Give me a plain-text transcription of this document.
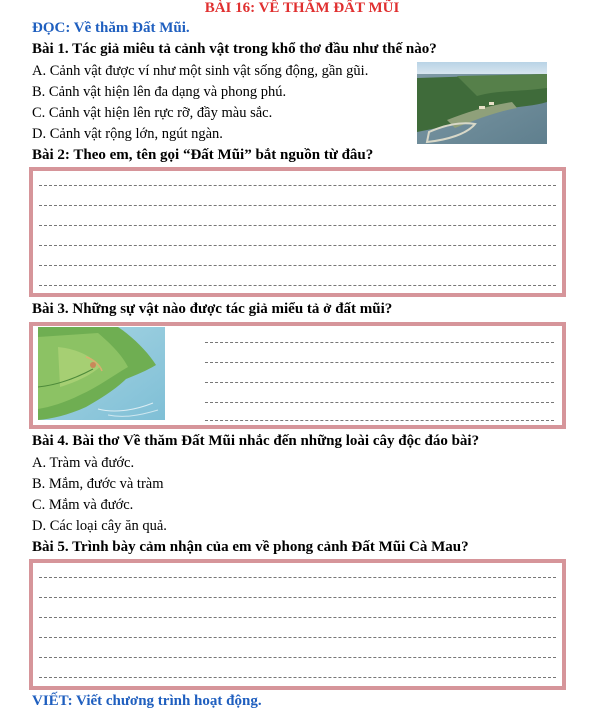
BÀI 16: VỀ THĂM ĐẤT MŨI
ĐỌC: Về thăm Đất Mũi.
Bài 1. Tác giả miêu tả cảnh vật trong khổ thơ đầu như thế nào?
A. Cảnh vật được ví như một sinh vật sống động, gần gũi.
B. Cảnh vật hiện lên đa dạng và phong phú.
C. Cảnh vật hiện lên rực rỡ, đầy màu sắc.
D. Cảnh vật rộng lớn, ngút ngàn.
Bài 2: Theo em, tên gọi “Đất Mũi” bắt nguồn từ đâu?
Bài 3. Những sự vật nào được tác giả miểu tả ở đất mũi?
Bài 4. Bài thơ Về thăm Đất Mũi nhắc đến những loài cây độc đáo bài?
A. Tràm và đước.
B. Mắm, đước và tràm
C. Mắm và đước.
D. Các loại cây ăn quả.
Bài 5. Trình bày cảm nhận của em về phong cảnh Đất Mũi Cà Mau?
VIẾT: Viết chương trình hoạt động.
